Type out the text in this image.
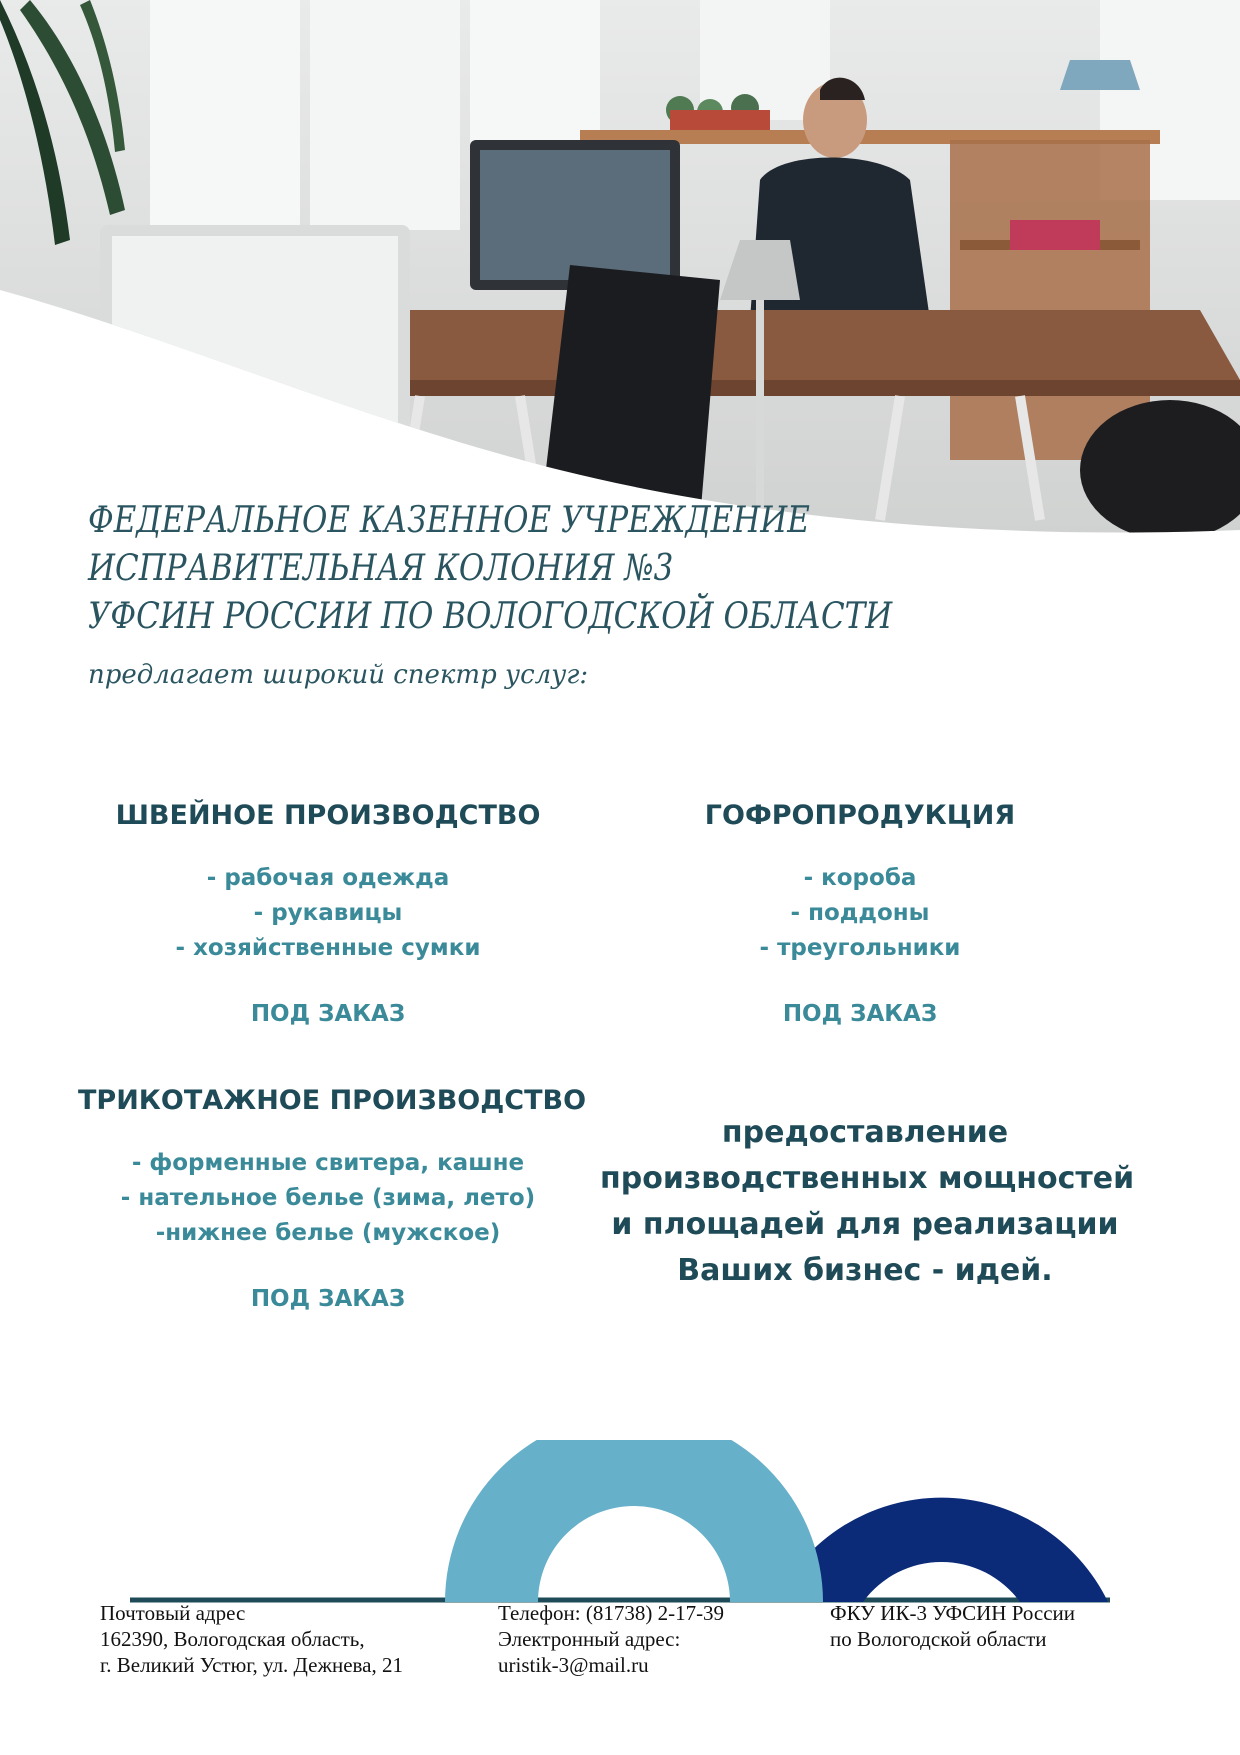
ФЕДЕРАЛЬНОЕ КАЗЕННОЕ УЧРЕЖДЕНИЕ
ИСПРАВИТЕЛЬНАЯ КОЛОНИЯ №3
УФСИН РОССИИ ПО ВОЛОГОДСКОЙ ОБЛАСТИ
предлагает широкий спектр услуг:
ШВЕЙНОЕ ПРОИЗВОДСТВО
- рабочая одежда
- рукавицы
- хозяйственные сумки
ПОД ЗАКАЗ
ГОФРОПРОДУКЦИЯ
- короба
- поддоны
- треугольники
ПОД ЗАКАЗ
ТРИКОТАЖНОЕ ПРОИЗВОДСТВО
- форменные свитера, кашне
- нательное белье (зима, лето)
-нижнее белье (мужское)
ПОД ЗАКАЗ
предоставление
производственных мощностей
и площадей для реализации
Ваших бизнес - идей.
Почтовый адрес
162390, Вологодская область,
г. Великий Устюг, ул. Дежнева, 21
Телефон: (81738) 2-17-39
Электронный адрес:
uristik-3@mail.ru
ФКУ ИК-3 УФСИН России
по Вологодской области
